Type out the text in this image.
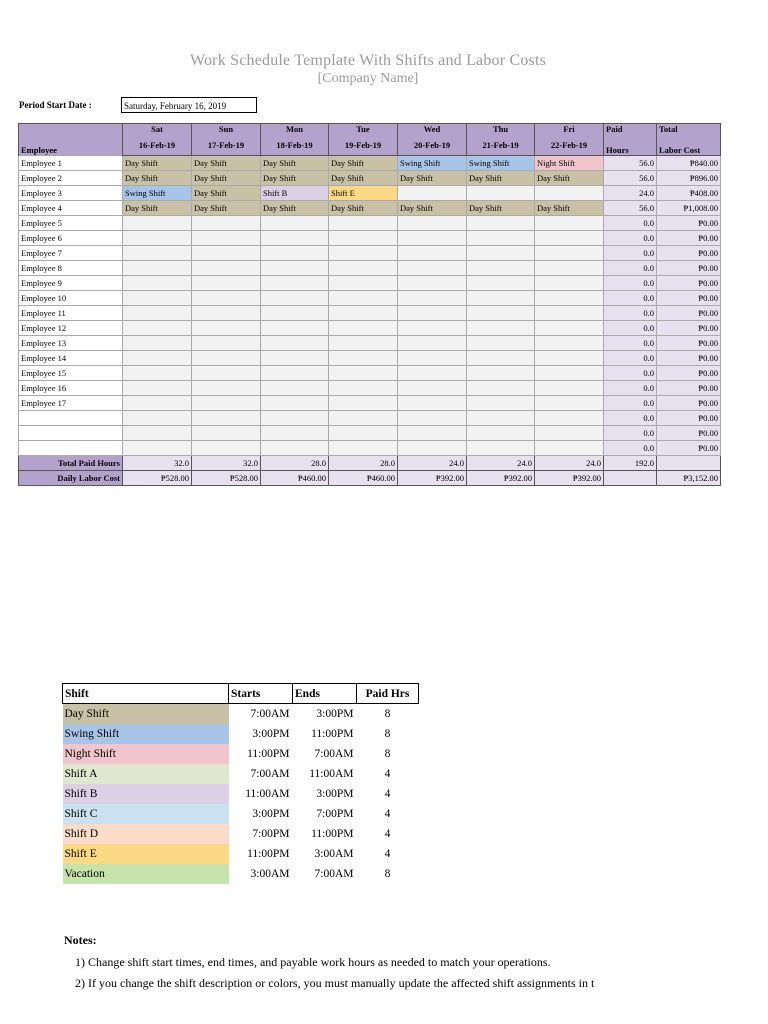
Work Schedule Template With Shifts and Labor Costs
[Company Name]
Period Start Date :	Saturday, February 16, 2019
Employee	Sat	Sun	Mon	Tue	Wed	Thu	Fri	Paid	Total
	16-Feb-19	17-Feb-19	18-Feb-19	19-Feb-19	20-Feb-19	21-Feb-19	22-Feb-19	Hours	Labor Cost
Employee 1	Day Shift	Day Shift	Day Shift	Day Shift	Swing Shift	Swing Shift	Night Shift	56.0	₱840.00
Employee 2	Day Shift	Day Shift	Day Shift	Day Shift	Day Shift	Day Shift	Day Shift	56.0	₱896.00
Employee 3	Swing Shift	Day Shift	Shift B	Shift E				24.0	₱408.00
Employee 4	Day Shift	Day Shift	Day Shift	Day Shift	Day Shift	Day Shift	Day Shift	56.0	₱1,008.00
Employee 5								0.0	₱0.00
Employee 6								0.0	₱0.00
Employee 7								0.0	₱0.00
Employee 8								0.0	₱0.00
Employee 9								0.0	₱0.00
Employee 10								0.0	₱0.00
Employee 11								0.0	₱0.00
Employee 12								0.0	₱0.00
Employee 13								0.0	₱0.00
Employee 14								0.0	₱0.00
Employee 15								0.0	₱0.00
Employee 16								0.0	₱0.00
Employee 17								0.0	₱0.00
								0.0	₱0.00
								0.0	₱0.00
								0.0	₱0.00
Total Paid Hours	32.0	32.0	28.0	28.0	24.0	24.0	24.0	192.0	
Daily Labor Cost	₱528.00	₱528.00	₱460.00	₱460.00	₱392.00	₱392.00	₱392.00		₱3,152.00
Shift	Starts	Ends	Paid Hrs
Day Shift	7:00AM	3:00PM	8
Swing Shift	3:00PM	11:00PM	8
Night Shift	11:00PM	7:00AM	8
Shift A	7:00AM	11:00AM	4
Shift B	11:00AM	3:00PM	4
Shift C	3:00PM	7:00PM	4
Shift D	7:00PM	11:00PM	4
Shift E	11:00PM	3:00AM	4
Vacation	3:00AM	7:00AM	8
Notes:
1) Change shift start times, end times, and payable work hours as needed to match your operations.
2) If you change the shift description or colors, you must manually update the affected shift assignments in t
